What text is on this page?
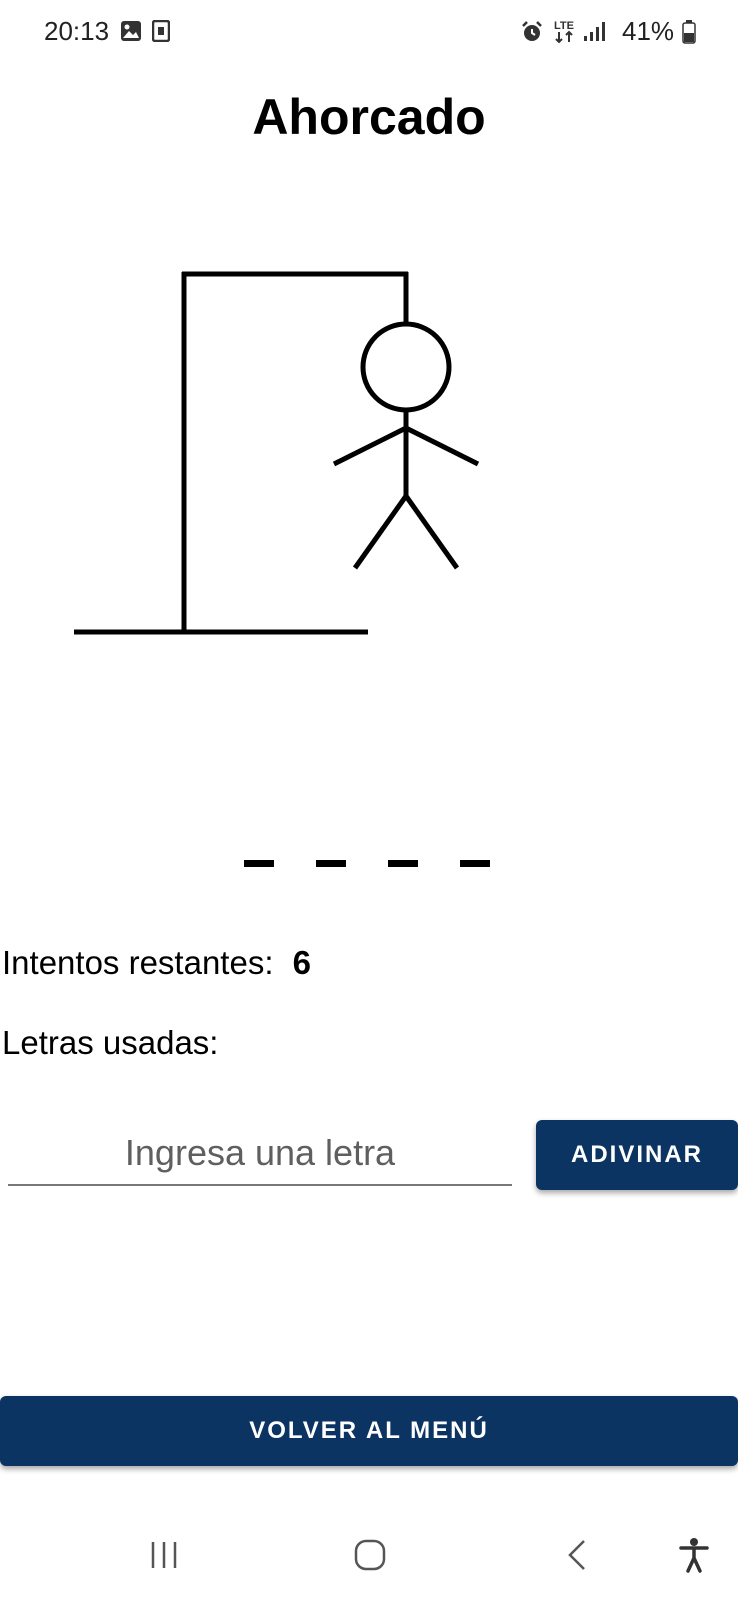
20:13	LTE 41%
Ahorcado
Intentos restantes: 6
Letras usadas:
Ingresa una letra
ADIVINAR
VOLVER AL MENÚ
